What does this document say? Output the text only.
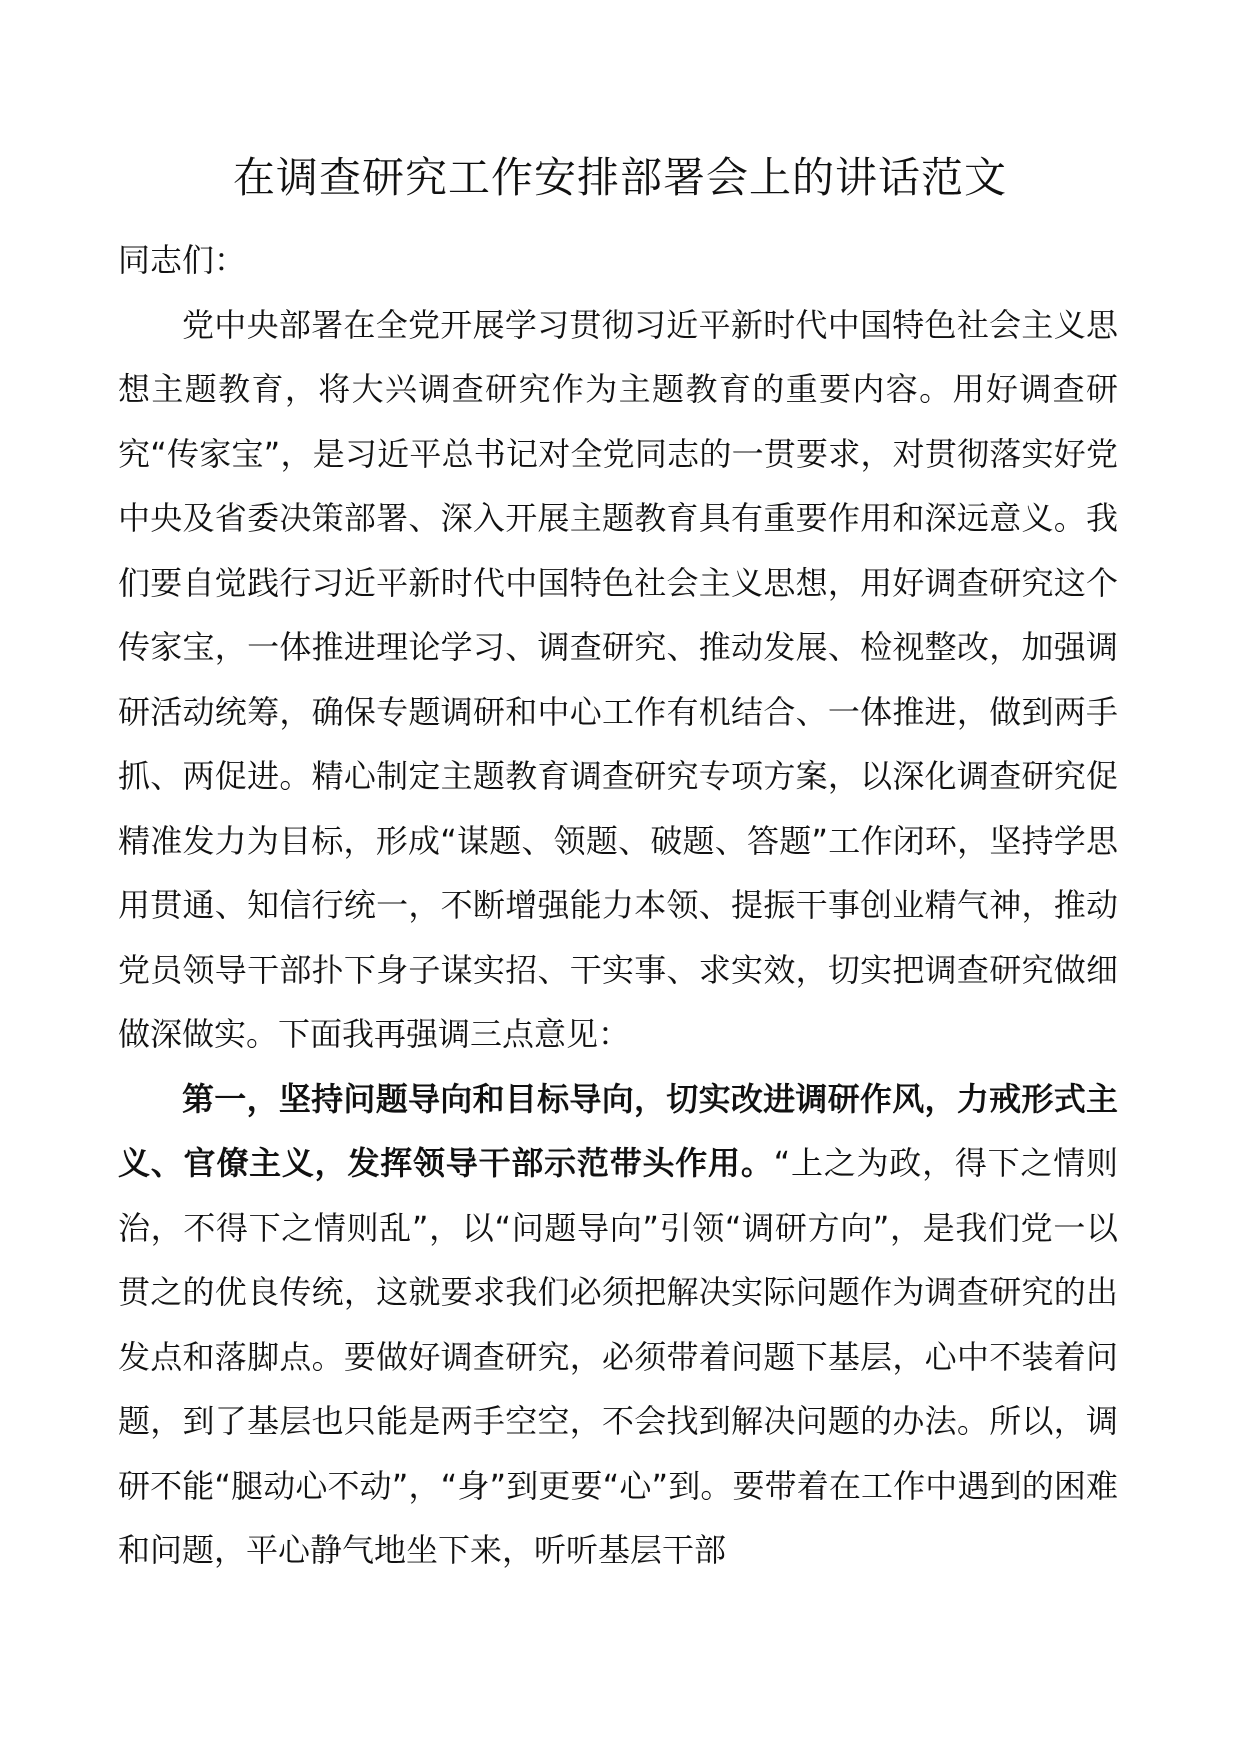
在调查研究工作安排部署会上的讲话范文

同志们：

党中央部署在全党开展学习贯彻习近平新时代中国特色社会主义思想主题教育，将大兴调查研究作为主题教育的重要内容。用好调查研究“传家宝”，是习近平总书记对全党同志的一贯要求，对贯彻落实好党中央及省委决策部署、深入开展主题教育具有重要作用和深远意义。我们要自觉践行习近平新时代中国特色社会主义思想，用好调查研究这个传家宝，一体推进理论学习、调查研究、推动发展、检视整改，加强调研活动统筹，确保专题调研和中心工作有机结合、一体推进，做到两手抓、两促进。精心制定主题教育调查研究专项方案，以深化调查研究促精准发力为目标，形成“谋题、领题、破题、答题”工作闭环，坚持学思用贯通、知信行统一，不断增强能力本领、提振干事创业精气神，推动党员领导干部扑下身子谋实招、干实事、求实效，切实把调查研究做细做深做实。下面我再强调三点意见：

第一，坚持问题导向和目标导向，切实改进调研作风，力戒形式主义、官僚主义，发挥领导干部示范带头作用。“上之为政，得下之情则治，不得下之情则乱”，以“问题导向”引领“调研方向”，是我们党一以贯之的优良传统，这就要求我们必须把解决实际问题作为调查研究的出发点和落脚点。要做好调查研究，必须带着问题下基层，心中不装着问题，到了基层也只能是两手空空，不会找到解决问题的办法。所以，调研不能“腿动心不动”，“身”到更要“心”到。要带着在工作中遇到的困难和问题，平心静气地坐下来，听听基层干部
